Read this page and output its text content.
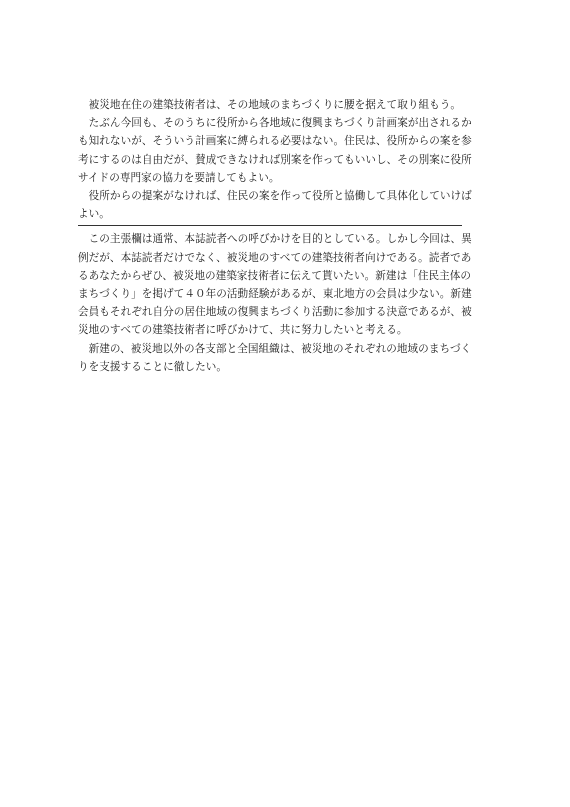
　被災地在住の建築技術者は、その地域のまちづくりに腰を据えて取り組もう。

　たぶん今回も、そのうちに役所から各地域に復興まちづくり計画案が出されるかも知れないが、そういう計画案に縛られる必要はない。住民は、役所からの案を参考にするのは自由だが、賛成できなければ別案を作ってもいいし、その別案に役所サイドの専門家の協力を要請してもよい。

　役所からの提案がなければ、住民の案を作って役所と協働して具体化していけばよい。

　この主張欄は通常、本誌読者への呼びかけを目的としている。しかし今回は、異例だが、本誌読者だけでなく、被災地のすべての建築技術者向けである。読者であるあなたからぜひ、被災地の建築家技術者に伝えて貰いたい。新建は「住民主体のまちづくり」を掲げて４０年の活動経験があるが、東北地方の会員は少ない。新建会員もそれぞれ自分の居住地域の復興まちづくり活動に参加する決意であるが、被災地のすべての建築技術者に呼びかけて、共に努力したいと考える。

　新建の、被災地以外の各支部と全国組織は、被災地のそれぞれの地域のまちづくりを支援することに徹したい。
